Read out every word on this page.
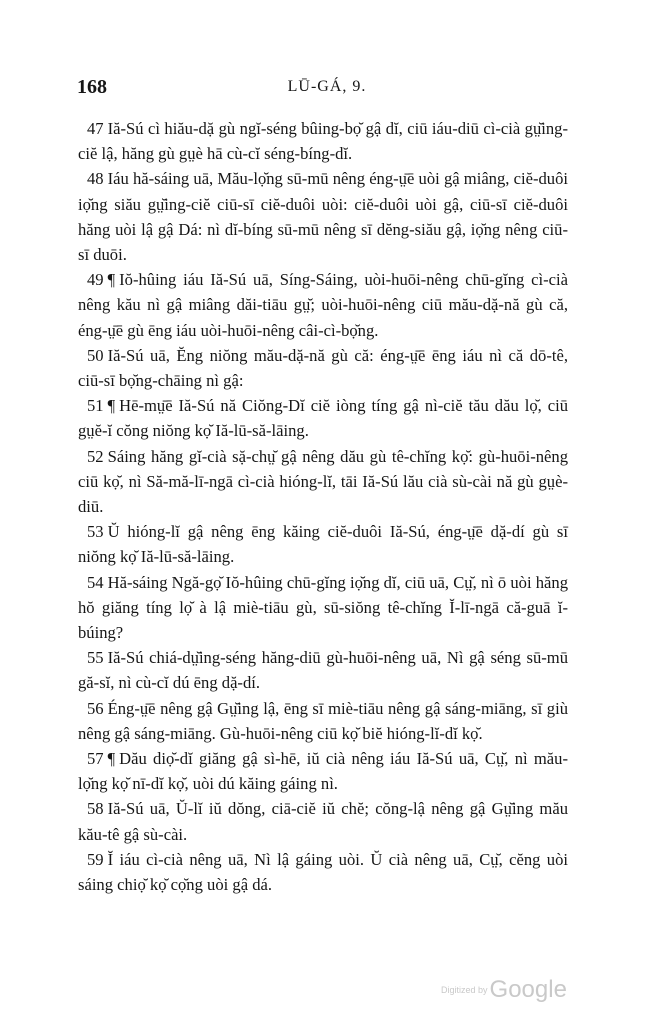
168	LŪ-GÁ, 9.

47 Iă-Sú cì hiău-dặ gù ngĭ-séng bûing-bọ̆ gậ dĭ, ciū iáu-diū cì-cià gṳ̆ing-ciĕ lậ, hăng gù gṳè hā cù-cĭ séng-bíng-dĭ.

48 Iáu hă-sáing uā, Mău-lọ̆ng sū-mū nêng éng-ṳ̄ē uòi gậ miâng, ciĕ-duôi iọ̆ng siău gṳ̆ing-ciĕ ciū-sī ciĕ-duôi uòi: ciĕ-duôi uòi gậ, ciū-sī ciĕ-duôi hăng uòi lậ gậ Dá: nì dĭ-bíng sū-mū nêng sī dĕng-siău gậ, iọ̆ng nêng ciū-sī duōi.

49 ¶ Iŏ-hûing iáu Iă-Sú uā, Síng-Sáing, uòi-huōi-nêng chū-gĭng cì-cià nêng kău nì gậ miâng dăi-tiāu gṳ̆; uòi-huōi-nêng ciū mău-dặ-nă gù că, éng-ṳ̄ē gù ēng iáu uòi-huōi-nêng câi-cì-bọ̆ng.

50 Iă-Sú uā, Ĕng niŏng mău-dặ-nă gù că: éng-ṳ̄ē ēng iáu nì că dō-tê, ciū-sī bọ̆ng-chāing nì gậ:

51 ¶ Hē-mṳ̄ē Iă-Sú nă Ciŏng-Dĭ ciĕ iòng tíng gậ nì-ciĕ tău dău lọ̆, ciū gṳĕ-ĭ cŏng niŏng kọ̆ Iă-lū-să-lāing.

52 Sáing hăng gĭ-cià sặ-chṳ̆ gậ nêng dău gù tê-chĭng kọ̆: gù-huōi-nêng ciū kọ̆, nì Să-mă-lī-ngā cì-cià hióng-lĭ, tāi Iă-Sú lău cià sù-cài nă gù gṳè-diū.

53 Ŭ hióng-lĭ gậ nêng ēng kăing ciĕ-duôi Iă-Sú, éng-ṳ̄ē dặ-dí gù sī niŏng kọ̆ Iă-lū-să-lāing.

54 Hă-sáing Ngă-gọ̆ Iŏ-hûing chū-gĭng iọ̆ng dĭ, ciū uā, Cṳ̆, nì ō uòi hăng hŏ giăng tíng lọ̆ à lậ miè-tiāu gù, sū-siŏng tê-chĭng Ĭ-lī-ngā că-guā ĭ-búing?

55 Iă-Sú chiá-dṳ̆ing-séng hăng-diū gù-huōi-nêng uā, Nì gậ séng sū-mū gă-sĭ, nì cù-cĭ dú ēng dặ-dí.

56 Éng-ṳ̄ē nêng gậ Gṳ̆ing lậ, ēng sī miè-tiāu nêng gậ sáng-miāng, sī giù nêng gậ sáng-miāng. Gù-huōi-nêng ciū kọ̆ biĕ hióng-lĭ-dĭ kọ̆.

57 ¶ Dău diọ̆-dĭ giăng gậ sì-hē, iŭ cià nêng iáu Iă-Sú uā, Cṳ̆, nì mău-lọ̆ng kọ̆ nī-dĭ kọ̆, uòi dú kăing gáing nì.

58 Iă-Sú uā, Ŭ-lĭ iŭ dŏng, ciā-ciĕ iŭ chĕ; cŏng-lậ nêng gậ Gṳ̆ing mău kău-tê gậ sù-cài.

59 Ĭ iáu cì-cià nêng uā, Nì lậ gáing uòi. Ŭ cià nêng uā, Cṳ̆, cĕng uòi sáing chiọ̆ kọ̆ cọ̆ng uòi gậ dá.

Digitized byGoogle
